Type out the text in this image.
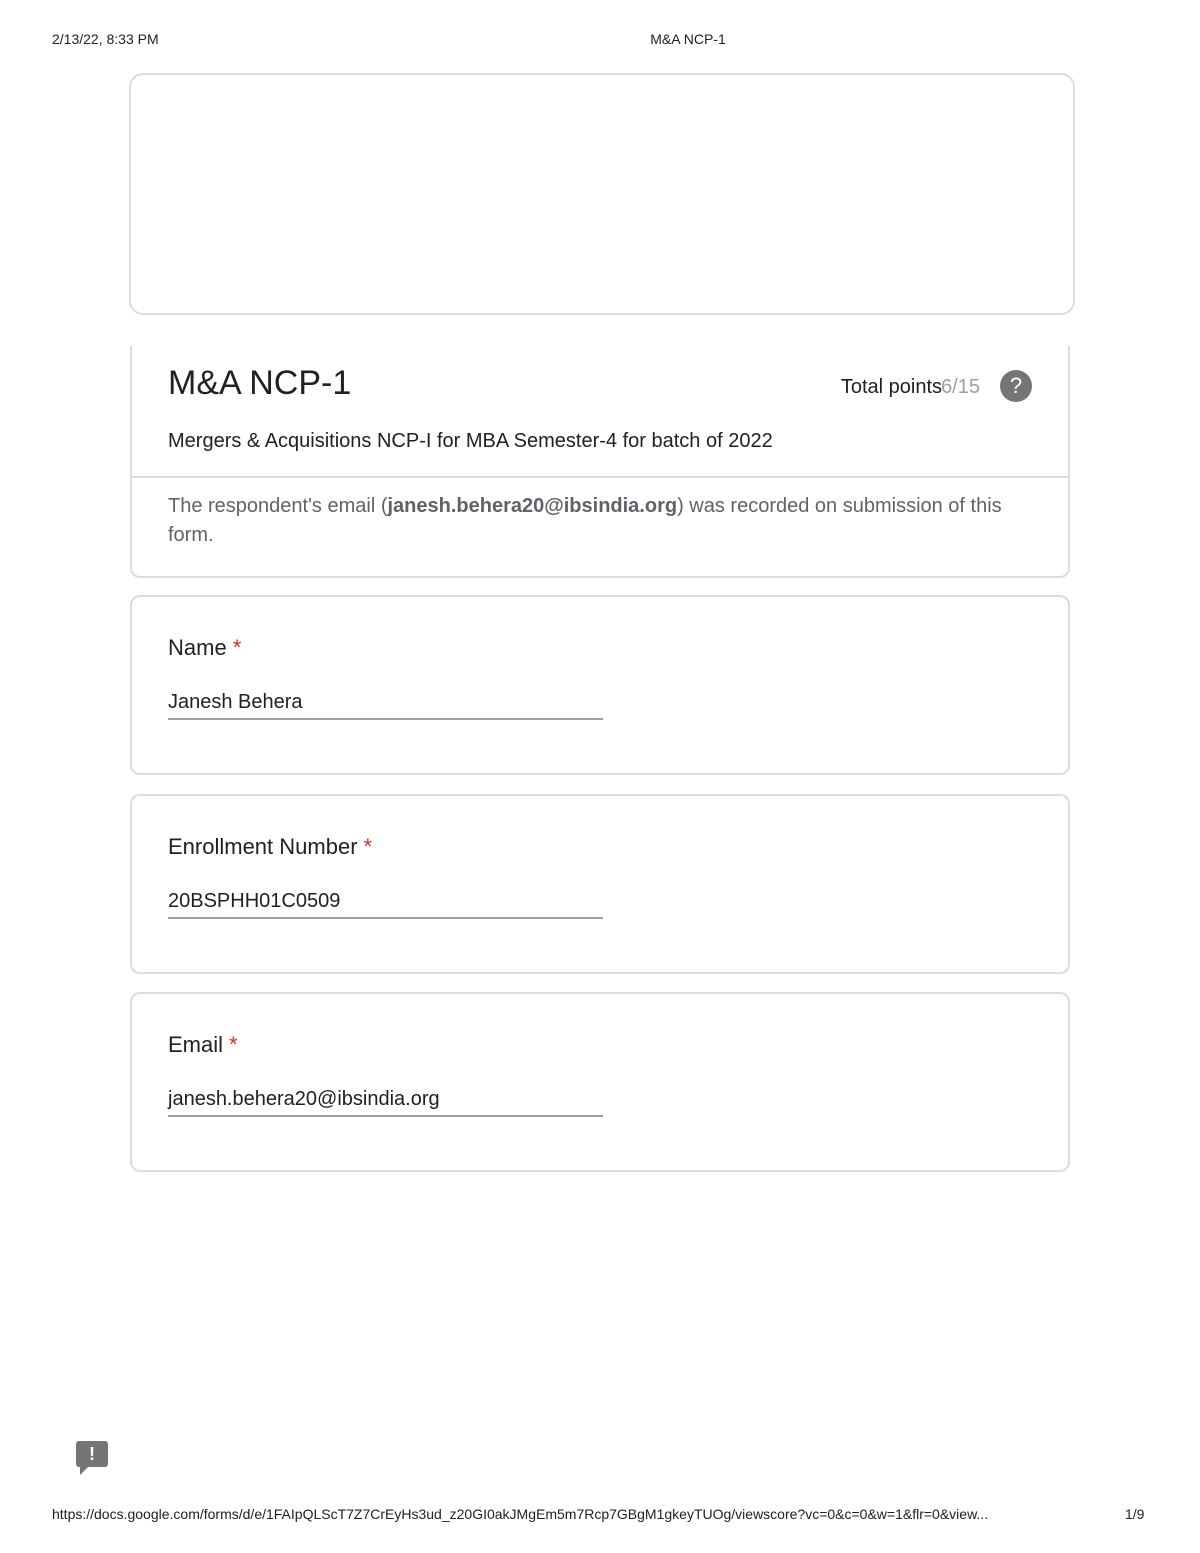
2/13/22, 8:33 PM	M&A NCP-1
M&A NCP-1	Total points 6/15	?
Mergers & Acquisitions NCP-I for MBA Semester-4 for batch of 2022
The respondent's email (janesh.behera20@ibsindia.org) was recorded on submission of this form.
Name *
Janesh Behera
Enrollment Number *
20BSPHH01C0509
Email *
janesh.behera20@ibsindia.org
!
https://docs.google.com/forms/d/e/1FAIpQLScT7Z7CrEyHs3ud_z20GI0akJMgEm5m7Rcp7GBgM1gkeyTUOg/viewscore?vc=0&c=0&w=1&flr=0&view...	1/9
